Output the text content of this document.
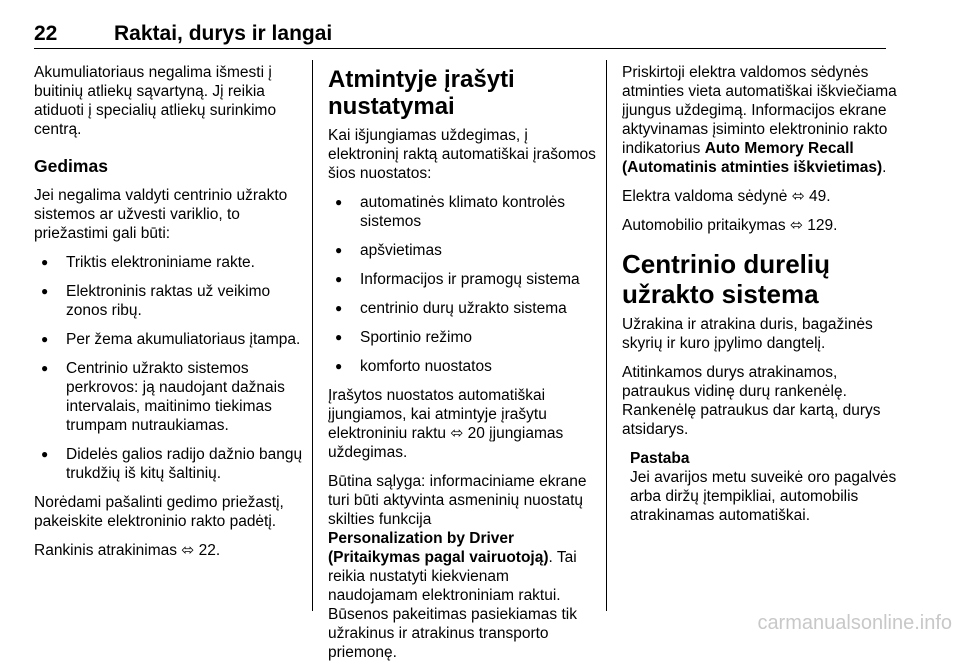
22	Raktai, durys ir langai

Akumuliatoriaus negalima išmesti į buitinių atliekų sąvartyną. Jį reikia atiduoti į specialių atliekų surinkimo centrą.

Gedimas

Jei negalima valdyti centrinio užrakto sistemos ar užvesti variklio, to priežastimi gali būti:

● Triktis elektroniniame rakte.
● Elektroninis raktas už veikimo zonos ribų.
● Per žema akumuliatoriaus įtampa.
● Centrinio užrakto sistemos perkrovos: ją naudojant dažnais intervalais, maitinimo tiekimas trumpam nutraukiamas.
● Didelės galios radijo dažnio bangų trukdžių iš kitų šaltinių.

Norėdami pašalinti gedimo priežastį, pakeiskite elektroninio rakto padėtį.

Rankinis atrakinimas ⬄ 22.

Atmintyje įrašyti nustatymai

Kai išjungiamas uždegimas, į elektroninį raktą automatiškai įrašomos šios nuostatos:

● automatinės klimato kontrolės sistemos
● apšvietimas
● Informacijos ir pramogų sistema
● centrinio durų užrakto sistema
● Sportinio režimo
● komforto nuostatos

Įrašytos nuostatos automatiškai įjungiamos, kai atmintyje įrašytu elektroniniu raktu ⬄ 20 įjungiamas uždegimas.

Būtina sąlyga: informaciniame ekrane turi būti aktyvinta asmeninių nuostatų skilties funkcija
Personalization by Driver (Pritaikymas pagal vairuotoją). Tai reikia nustatyti kiekvienam naudojamam elektroniniam raktui. Būsenos pakeitimas pasiekiamas tik užrakinus ir atrakinus transporto priemonę.

Priskirtoji elektra valdomos sėdynės atminties vieta automatiškai iškviečiama įjungus uždegimą. Informacijos ekrane aktyvinamas įsiminto elektroninio rakto indikatorius Auto Memory Recall (Automatinis atminties iškvietimas).

Elektra valdoma sėdynė ⬄ 49.

Automobilio pritaikymas ⬄ 129.

Centrinio durelių užrakto sistema

Užrakina ir atrakina duris, bagažinės skyrių ir kuro įpylimo dangtelį.

Atitinkamos durys atrakinamos, patraukus vidinę durų rankenėlę. Rankenėlę patraukus dar kartą, durys atsidarys.

Pastaba
Jei avarijos metu suveikė oro pagalvės arba diržų įtempikliai, automobilis atrakinamas automatiškai.
carmanualsonline.info
